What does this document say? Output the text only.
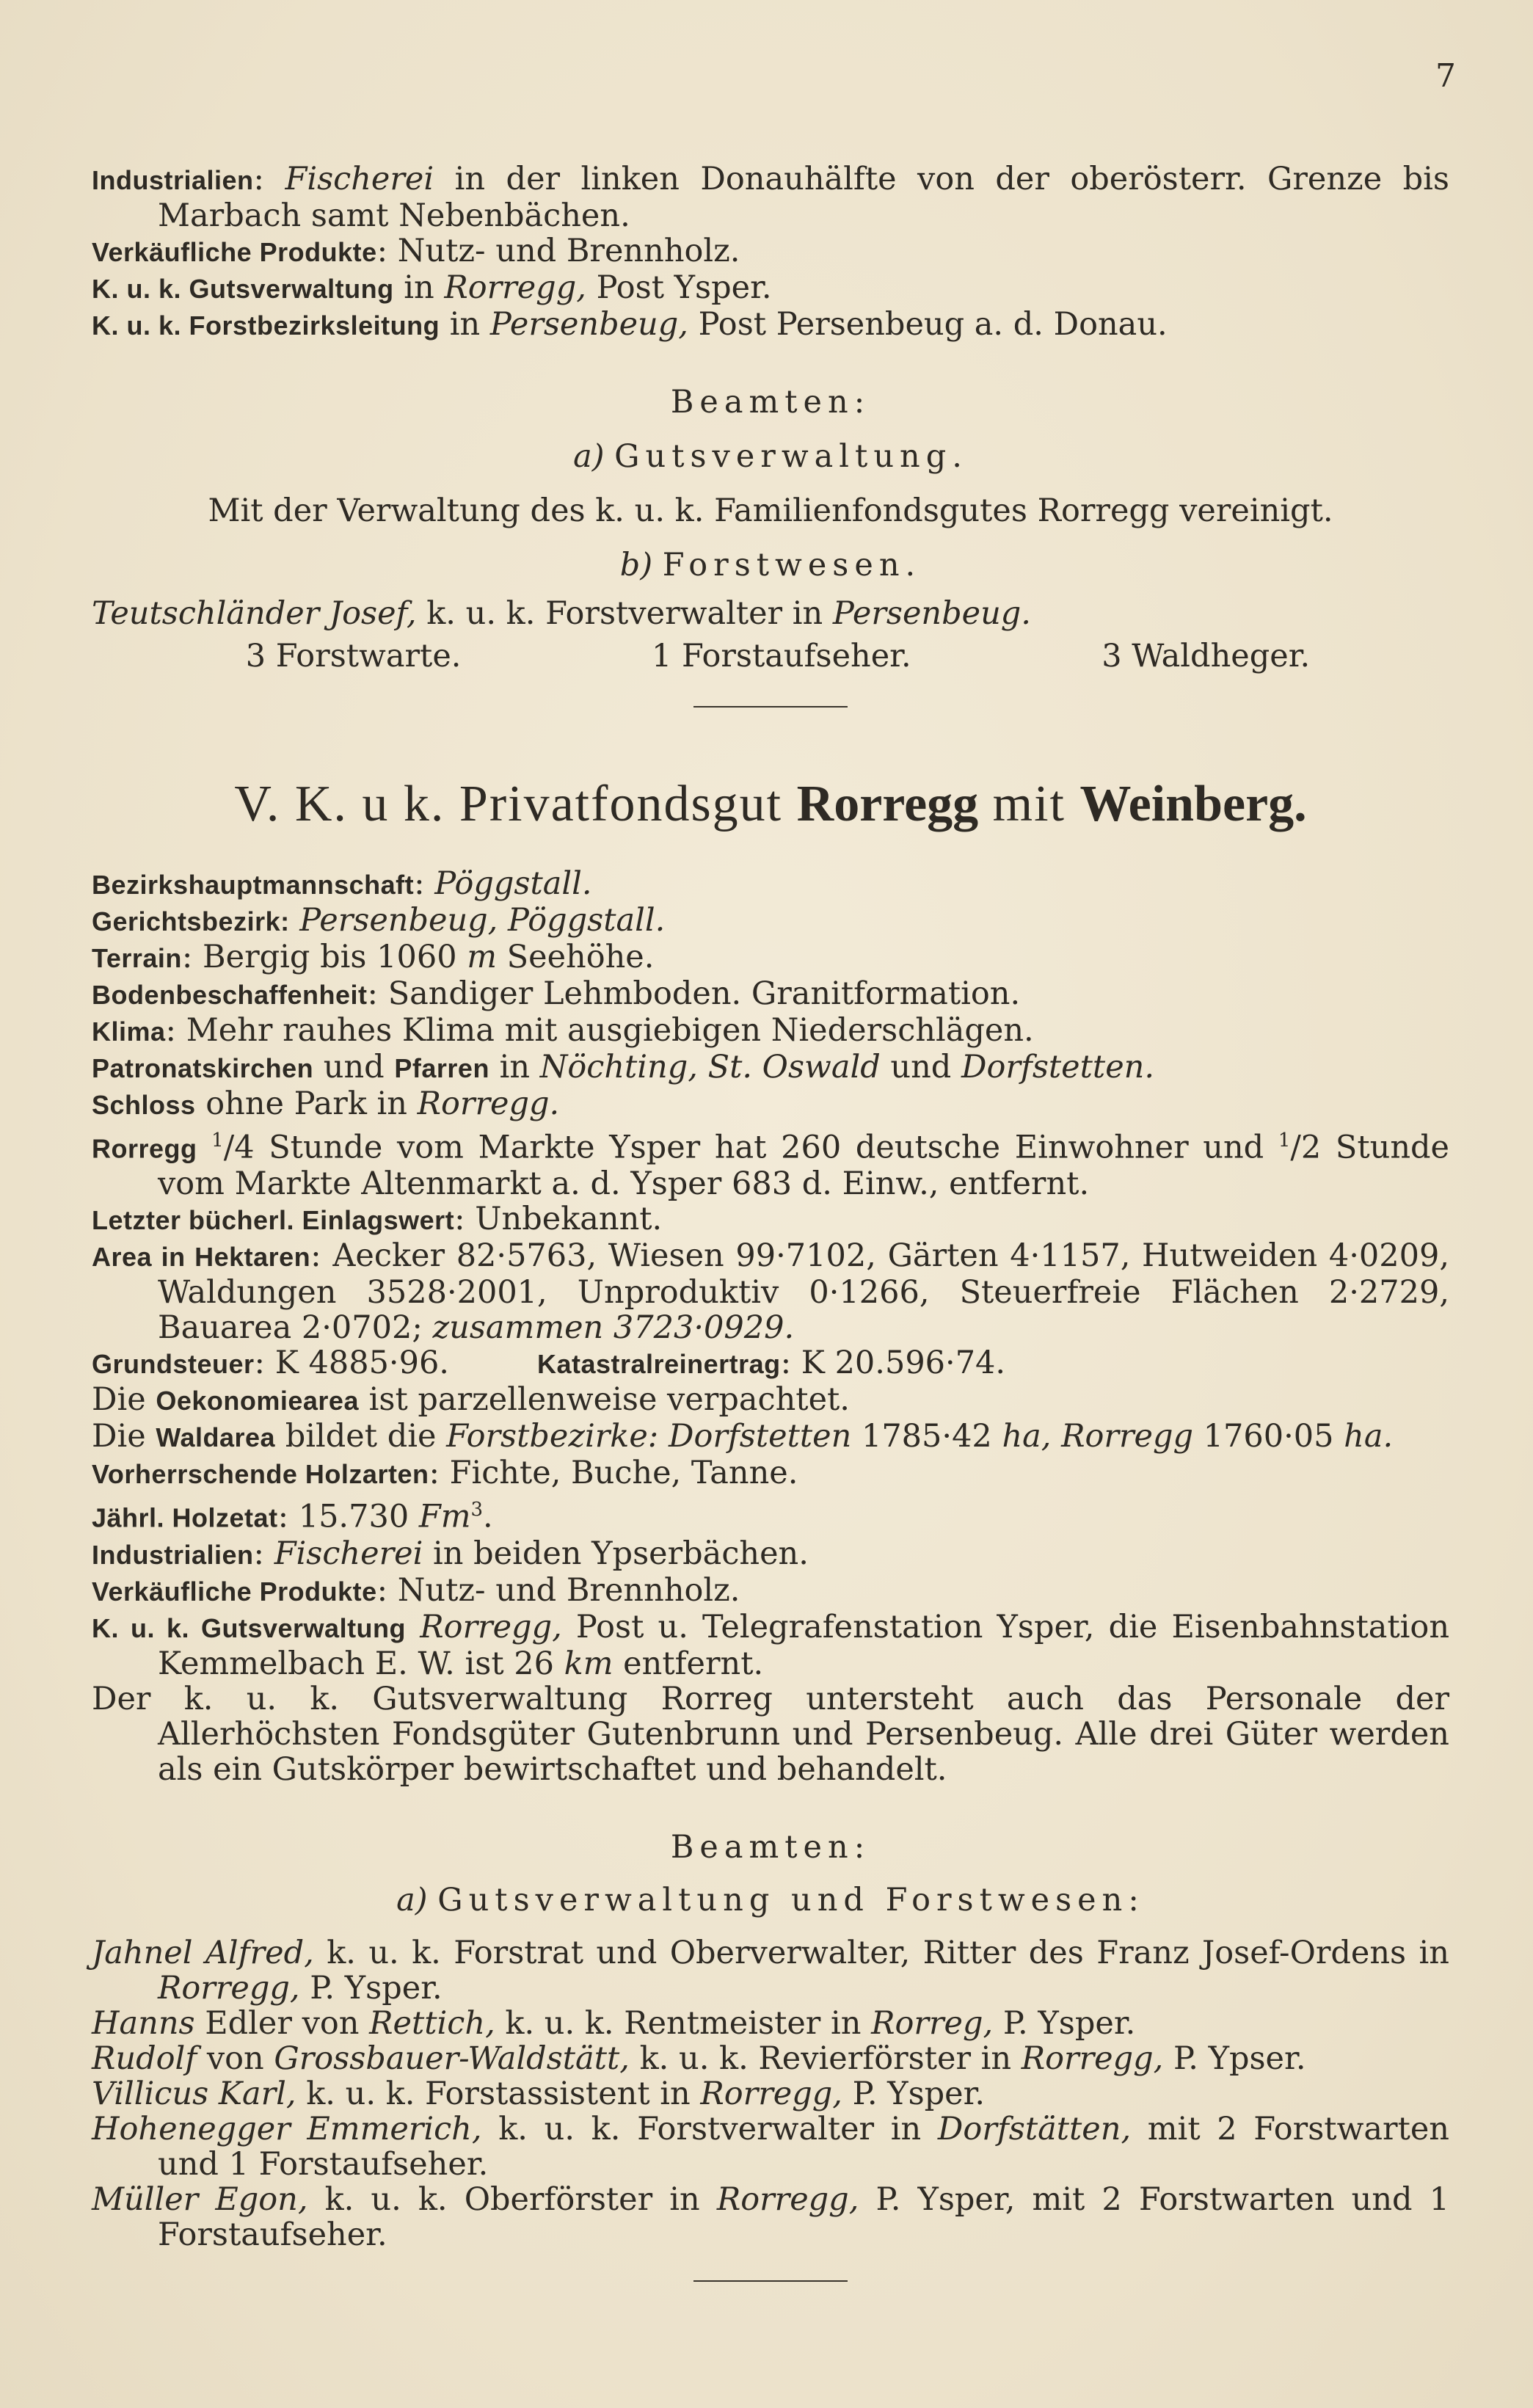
7

Industrialien: Fischerei in der linken Donauhälfte von der oberösterr. Grenze bis Marbach samt Nebenbächen.

Verkäufliche Produkte: Nutz- und Brennholz.

K. u. k. Gutsverwaltung in Rorregg, Post Ysper.

K. u. k. Forstbezirksleitung in Persenbeug, Post Persenbeug a. d. Donau.

Beamten:

a) Gutsverwaltung.

Mit der Verwaltung des k. u. k. Familienfondsgutes Rorregg vereinigt.

b) Forstwesen.

Teutschländer Josef, k. u. k. Forstverwalter in Persenbeug.

3 Forstwarte.	1 Forstaufseher.	3 Waldheger.

V. K. u k. Privatfondsgut Rorregg mit Weinberg.

Bezirkshauptmannschaft: Pöggstall.

Gerichtsbezirk: Persenbeug, Pöggstall.

Terrain: Bergig bis 1060 m Seehöhe.

Bodenbeschaffenheit: Sandiger Lehmboden. Granitformation.

Klima: Mehr rauhes Klima mit ausgiebigen Niederschlägen.

Patronatskirchen und Pfarren in Nöchting, St. Oswald und Dorfstetten.

Schloss ohne Park in Rorregg.

Rorregg $^1$/4 Stunde vom Markte Ysper hat 260 deutsche Einwohner und $^1$/2 Stunde vom Markte Altenmarkt a. d. Ysper 683 d. Einw., entfernt.

Letzter bücherl. Einlagswert: Unbekannt.

Area in Hektaren: Aecker 82·5763, Wiesen 99·7102, Gärten 4·1157, Hutweiden 4·0209, Waldungen 3528·2001, Unproduktiv 0·1266, Steuerfreie Flächen 2·2729, Bauarea 2·0702; zusammen 3723·0929.

Grundsteuer: K 4885·96.	Katastralreinertrag: K 20.596·74.

Die Oekonomiearea ist parzellenweise verpachtet.

Die Waldarea bildet die Forstbezirke: Dorfstetten 1785·42 ha, Rorregg 1760·05 ha.

Vorherrschende Holzarten: Fichte, Buche, Tanne.

Jährl. Holzetat: 15.730 Fm$^3$.

Industrialien: Fischerei in beiden Ypserbächen.

Verkäufliche Produkte: Nutz- und Brennholz.

K. u. k. Gutsverwaltung Rorregg, Post u. Telegrafenstation Ysper, die Eisenbahnstation Kemmelbach E. W. ist 26 km entfernt.

Der k. u. k. Gutsverwaltung Rorreg untersteht auch das Personale der Allerhöchsten Fondsgüter Gutenbrunn und Persenbeug. Alle drei Güter werden als ein Gutskörper bewirtschaftet und behandelt.

Beamten:

a) Gutsverwaltung und Forstwesen:

Jahnel Alfred, k. u. k. Forstrat und Oberverwalter, Ritter des Franz Josef-Ordens in Rorregg, P. Ysper.

Hanns Edler von Rettich, k. u. k. Rentmeister in Rorreg, P. Ysper.

Rudolf von Grossbauer-Waldstätt, k. u. k. Revierförster in Rorregg, P. Ypser.

Villicus Karl, k. u. k. Forstassistent in Rorregg, P. Ysper.

Hohenegger Emmerich, k. u. k. Forstverwalter in Dorfstätten, mit 2 Forstwarten und 1 Forstaufseher.

Müller Egon, k. u. k. Oberförster in Rorregg, P. Ysper, mit 2 Forstwarten und 1 Forstaufseher.
